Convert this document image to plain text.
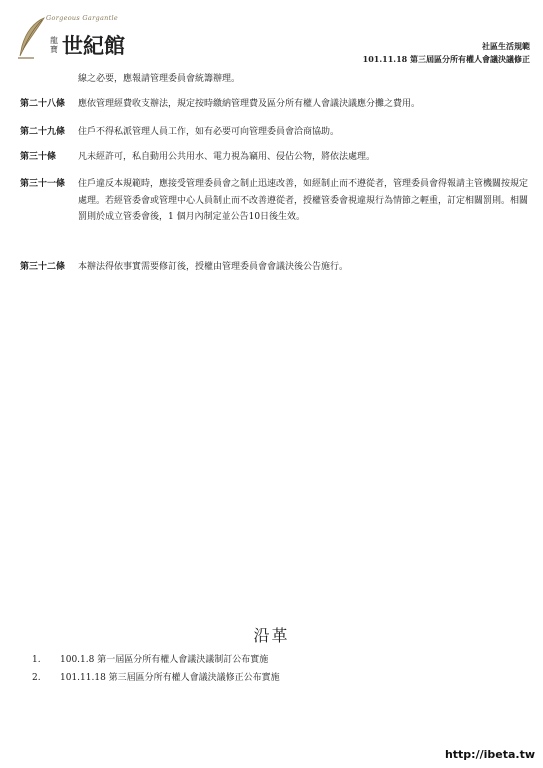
Gorgeous Gargantle
龍寶 世紀館	社區生活規範
101.11.18 第三屆區分所有權人會議決議修正
線之必要，應報請管理委員會統籌辦理。
第二十八條 應依管理經費收支辦法，規定按時繳納管理費及區分所有權人會議決議應分攤之費用。
第二十九條 住戶不得私派管理人員工作，如有必要可向管理委員會洽商協助。
第三十條 凡未經許可，私自動用公共用水、電力視為竊用、侵佔公物，將依法處理。
第三十一條 住戶違反本規範時，應接受管理委員會之制止迅速改善，如經制止而不遵從者，管理委員會得報請主管機關按規定處理。若經管委會或管理中心人員制止而不改善遵從者，授權管委會視違規行為情節之輕重，訂定相關罰則。相關罰則於成立管委會後，1 個月內制定並公告10日後生效。
第三十二條 本辦法得依事實需要修訂後，授權由管理委員會會議決後公告施行。
沿革
1. 100.1.8 第一屆區分所有權人會議決議制訂公布實施
2. 101.11.18 第三屆區分所有權人會議決議修正公布實施
http://ibeta.tw
